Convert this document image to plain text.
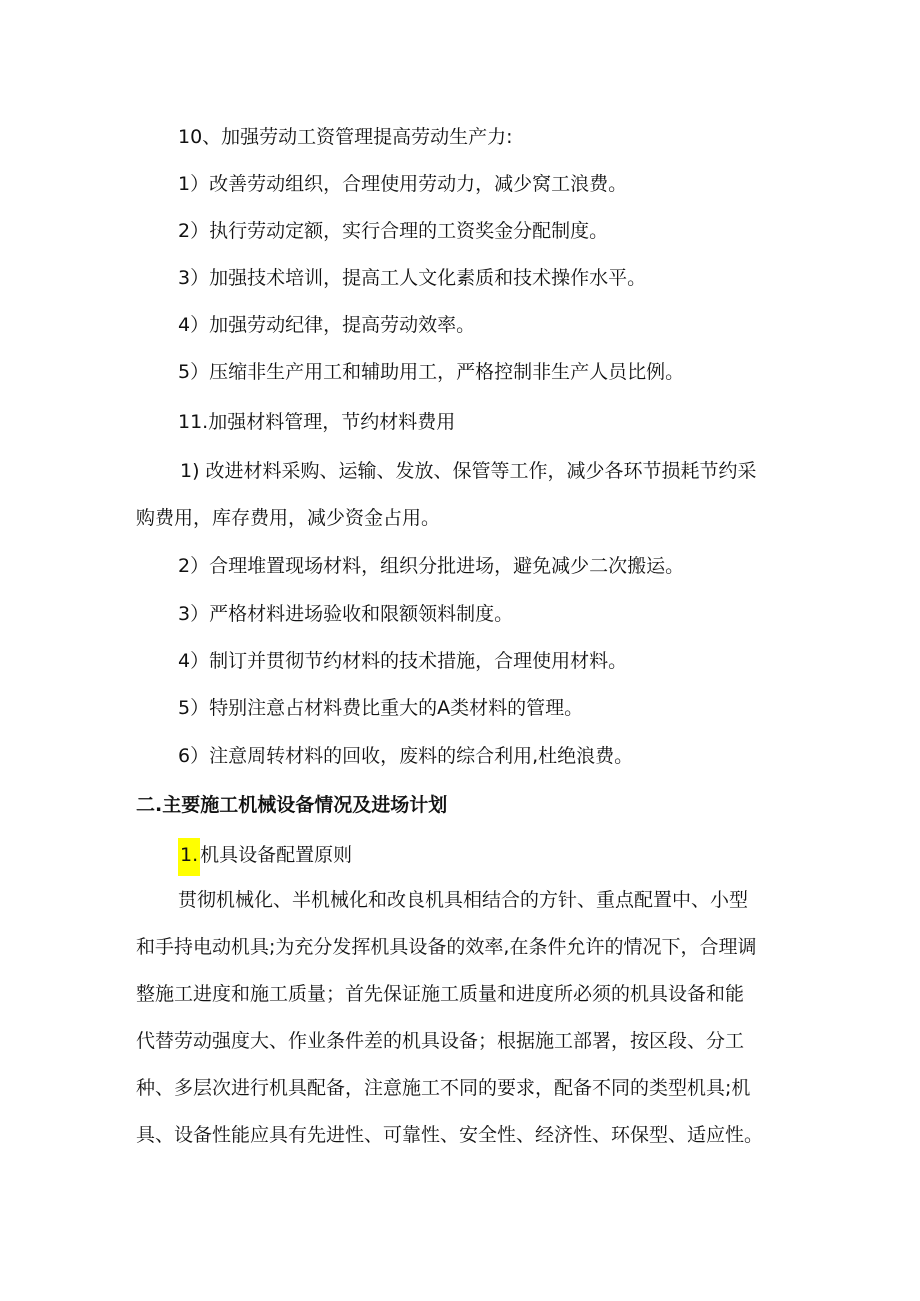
10、加强劳动工资管理提高劳动生产力:
1）改善劳动组织，合理使用劳动力，减少窝工浪费。
2）执行劳动定额，实行合理的工资奖金分配制度。
3）加强技术培训，提高工人文化素质和技术操作水平。
4）加强劳动纪律，提高劳动效率。
5）压缩非生产用工和辅助用工，严格控制非生产人员比例。
11.加强材料管理，节约材料费用
1) 改进材料采购、运输、发放、保管等工作，减少各环节损耗节约采
购费用，库存费用，减少资金占用。
2）合理堆置现场材料，组织分批进场，避免减少二次搬运。
3）严格材料进场验收和限额领料制度。
4）制订并贯彻节约材料的技术措施，合理使用材料。
5）特别注意占材料费比重大的A类材料的管理。
6）注意周转材料的回收，废料的综合利用,杜绝浪费。
二.主要施工机械设备情况及进场计划
1. 机具设备配置原则
贯彻机械化、半机械化和改良机具相结合的方针、重点配置中、小型
和手持电动机具;为充分发挥机具设备的效率,在条件允许的情况下，合理调
整施工进度和施工质量；首先保证施工质量和进度所必须的机具设备和能
代替劳动强度大、作业条件差的机具设备；根据施工部署，按区段、分工
种、多层次进行机具配备，注意施工不同的要求，配备不同的类型机具;机
具、设备性能应具有先进性、可靠性、安全性、经济性、环保型、适应性。
